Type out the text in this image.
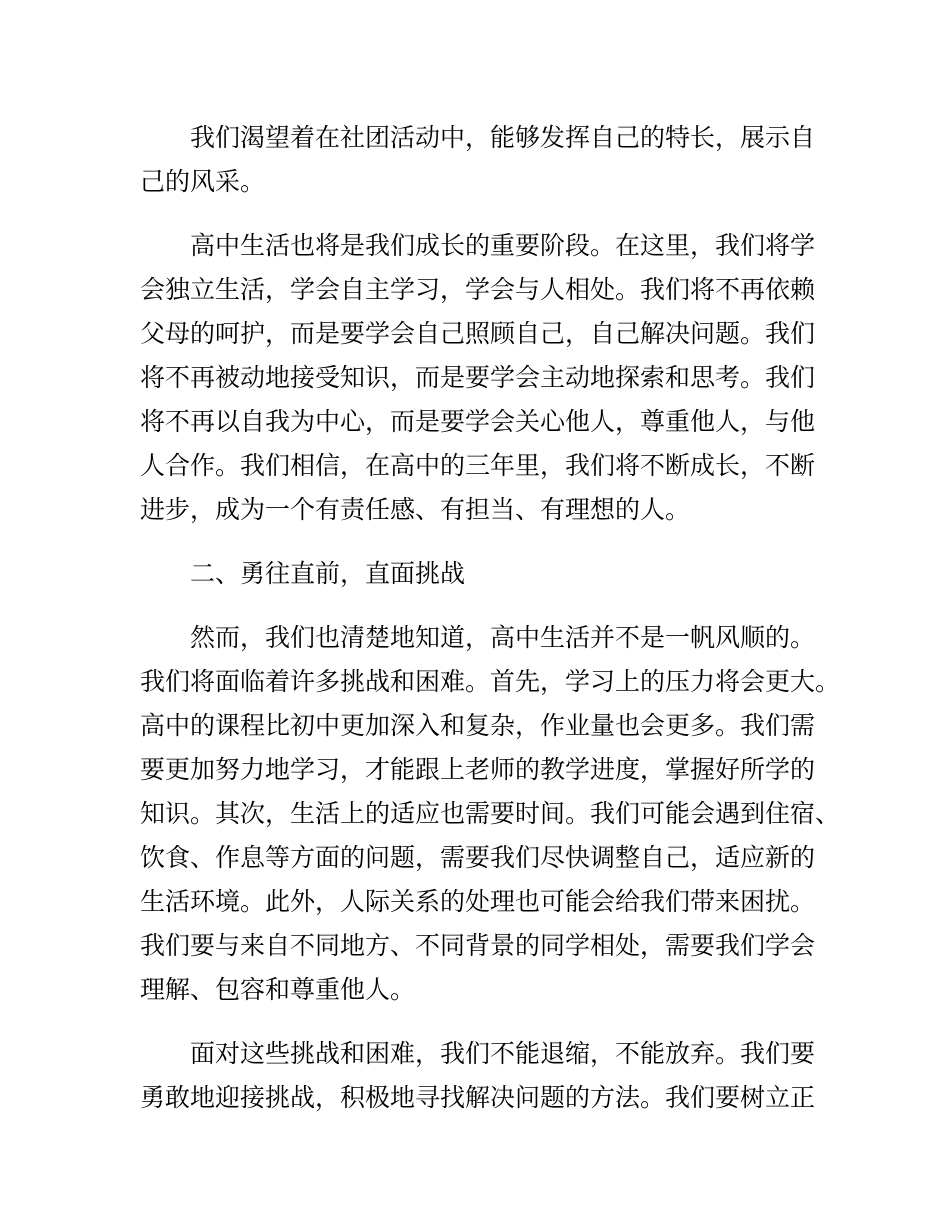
我们渴望着在社团活动中，能够发挥自己的特长，展示自
己的风采。

高中生活也将是我们成长的重要阶段。在这里，我们将学
会独立生活，学会自主学习，学会与人相处。我们将不再依赖
父母的呵护，而是要学会自己照顾自己，自己解决问题。我们
将不再被动地接受知识，而是要学会主动地探索和思考。我们
将不再以自我为中心，而是要学会关心他人，尊重他人，与他
人合作。我们相信，在高中的三年里，我们将不断成长，不断
进步，成为一个有责任感、有担当、有理想的人。

二、勇往直前，直面挑战

然而，我们也清楚地知道，高中生活并不是一帆风顺的。
我们将面临着许多挑战和困难。首先，学习上的压力将会更大。
高中的课程比初中更加深入和复杂，作业量也会更多。我们需
要更加努力地学习，才能跟上老师的教学进度，掌握好所学的
知识。其次，生活上的适应也需要时间。我们可能会遇到住宿、
饮食、作息等方面的问题，需要我们尽快调整自己，适应新的
生活环境。此外，人际关系的处理也可能会给我们带来困扰。
我们要与来自不同地方、不同背景的同学相处，需要我们学会
理解、包容和尊重他人。

面对这些挑战和困难，我们不能退缩，不能放弃。我们要
勇敢地迎接挑战，积极地寻找解决问题的方法。我们要树立正
